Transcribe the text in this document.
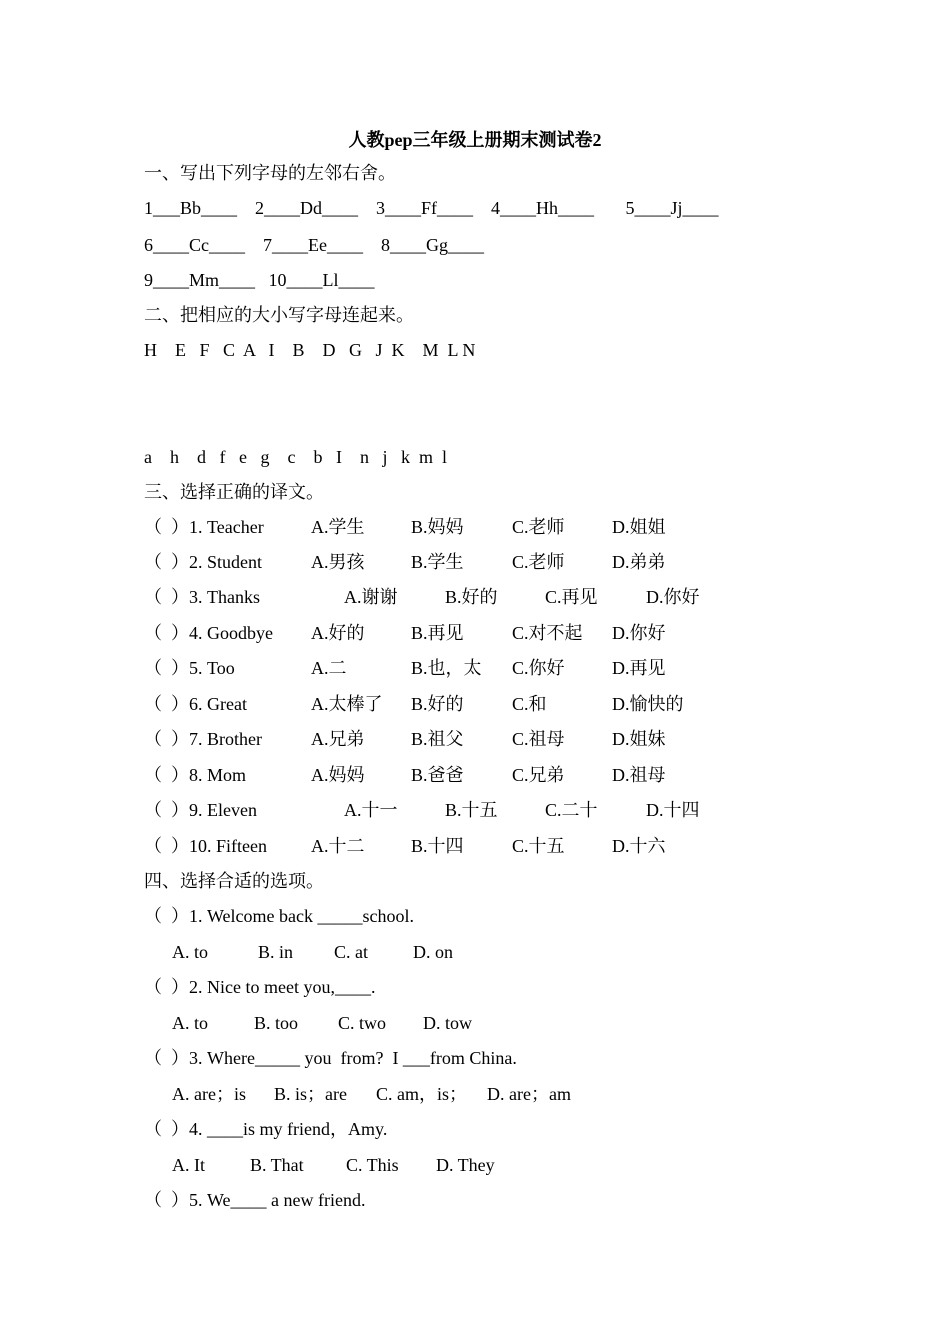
人教pep三年级上册期末测试卷2
一、写出下列字母的左邻右舍。
1___Bb____    2____Dd____    3____Ff____    4____Hh____       5____Jj____
6____Cc____    7____Ee____    8____Gg____
9____Mm____   10____Ll____
二、把相应的大小写字母连起来。
H    E   F   C  A   I    B    D   G   J  K    M  L N
a    h    d   f   e   g    c    b   I    n   j   k  m  l
三、选择正确的译文。
（  ）1. Teacher	A.学生	B.妈妈	C.老师	D.姐姐
（  ）2. Student	A.男孩	B.学生	C.老师	D.弟弟
（  ）3. Thanks	A.谢谢	B.好的	C.再见	D.你好
（  ）4. Goodbye A.好的	B.再见	C.对不起 D.你好
（  ）5. Too	A.二	B.也，太 C.你好	D.再见
（  ）6. Great	A.太棒了 B.好的	C.和	D.愉快的
（  ）7. Brother	A.兄弟	B.祖父	C.祖母	D.姐妹
（  ）8. Mom	A.妈妈	B.爸爸	C.兄弟	D.祖母
（  ）9. Eleven	A.十一	B.十五	C.二十	D.十四
（  ）10. Fifteen A.十二	B.十四	C.十五	D.十六
四、选择合适的选项。
（  ）1. Welcome back _____school.
A. to	B. in C. at	D. on
（  ）2. Nice to meet you,____.
A. to	B. too C. two D. tow
（  ）3. Where_____ you  from?  I ___from China.
A. are；is B. is；are C. am，is； D. are；am
（  ）4. ____is my friend，Amy.
A. It	B. That C. This D. They
（  ）5. We____ a new friend.
